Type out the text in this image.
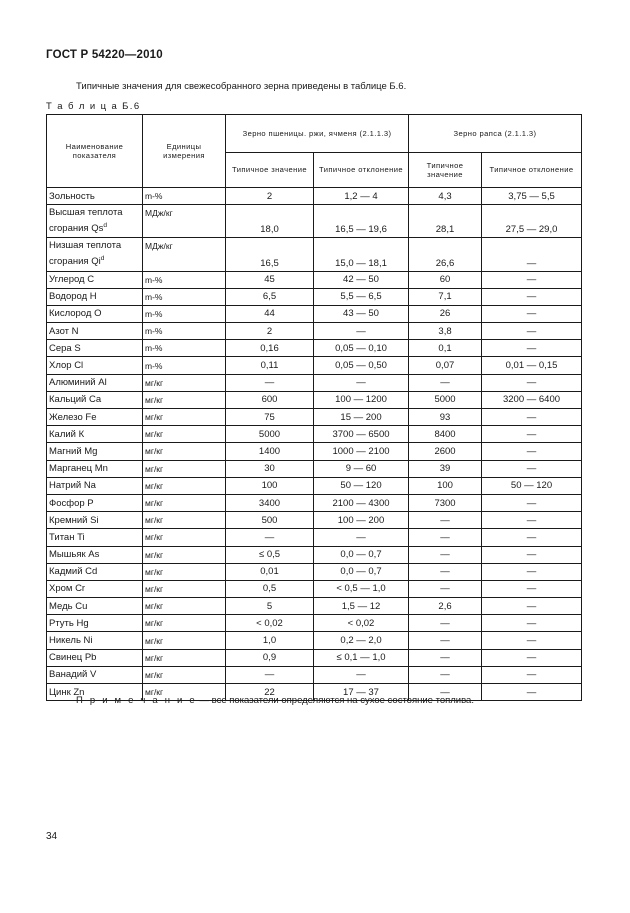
ГОСТ Р 54220—2010
Типичные значения для свежесобранного зерна приведены в таблице Б.6.
Т а б л и ц а Б.6
Наименование показателя	Единицы измерения	Зерно пшеницы. ржи, ячменя (2.1.1.3)		Зерно рапса (2.1.1.3)	
		Типичное значение	Типичное отклонение	Типичное значение	Типичное отклонение
Зольность	m-%	2	1,2 — 4	4,3	3,75 — 5,5
Высшая теплота сгорания Qs$^d$	МДж/кг	18,0	16,5 — 19,6	28,1	27,5 — 29,0
Низшая теплота сгорания Qi$^d$	МДж/кг	16,5	15,0 — 18,1	26,6	—
Углерод С	m-%	45	42 — 50	60	—
Водород Н	m-%	6,5	5,5 — 6,5	7,1	—
Кислород О	m-%	44	43 — 50	26	—
Азот N	m-%	2	—	3,8	—
Сера S	m-%	0,16	0,05 — 0,10	0,1	—
Хлор Cl	m-%	0,11	0,05 — 0,50	0,07	0,01 — 0,15
Алюминий Al	мг/кг	—	—	—	—
Кальций Ca	мг/кг	600	100 — 1200	5000	3200 — 6400
Железо Fe	мг/кг	75	15 — 200	93	—
Калий К	мг/кг	5000	3700 — 6500	8400	—
Магний Mg	мг/кг	1400	1000 — 2100	2600	—
Марганец Mn	мг/кг	30	9 — 60	39	—
Натрий Na	мг/кг	100	50 — 120	100	50 — 120
Фосфор Р	мг/кг	3400	2100 — 4300	7300	—
Кремний Si	мг/кг	500	100 — 200	—	—
Титан Ti	мг/кг	—	—	—	—
Мышьяк As	мг/кг	≤ 0,5	0,0 — 0,7	—	—
Кадмий Cd	мг/кг	0,01	0,0 — 0,7	—	—
Хром Cr	мг/кг	0,5	< 0,5 — 1,0	—	—
Медь Cu	мг/кг	5	1,5 — 12	2,6	—
Ртуть Hg	мг/кг	< 0,02	< 0,02	—	—
Никель Ni	мг/кг	1,0	0,2 — 2,0	—	—
Свинец Pb	мг/кг	0,9	≤ 0,1 — 1,0	—	—
Ванадий V	мг/кг	—	—	—	—
Цинк Zn	мг/кг	22	17 — 37	—	—
П р и м е ч а н и е — все показатели определяются на сухое состояние топлива.
34
